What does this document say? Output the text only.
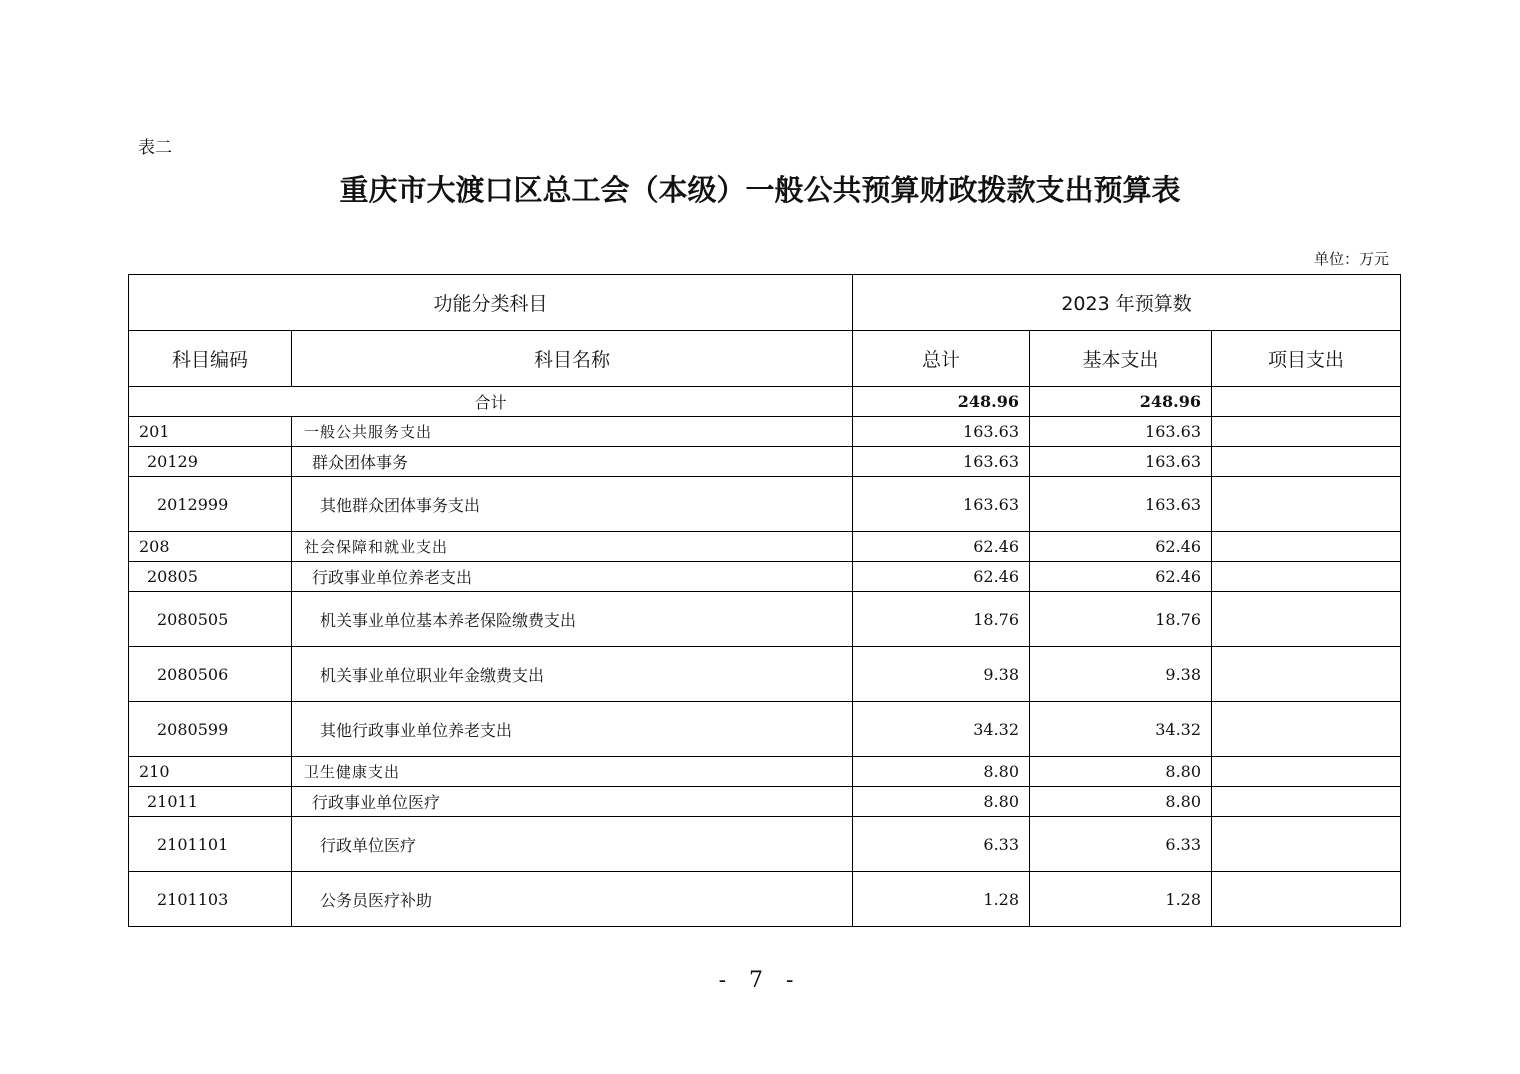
表二
重庆市大渡口区总工会（本级）一般公共预算财政拨款支出预算表
单位：万元
功能分类科目		2023 年预算数		
科目编码	科目名称	总计	基本支出	项目支出
合计		248.96	248.96	
201	一般公共服务支出	163.63	163.63	
20129	群众团体事务	163.63	163.63	
2012999	其他群众团体事务支出	163.63	163.63	
208	社会保障和就业支出	62.46	62.46	
20805	行政事业单位养老支出	62.46	62.46	
2080505	机关事业单位基本养老保险缴费支出	18.76	18.76	
2080506	机关事业单位职业年金缴费支出	9.38	9.38	
2080599	其他行政事业单位养老支出	34.32	34.32	
210	卫生健康支出	8.80	8.80	
21011	行政事业单位医疗	8.80	8.80	
2101101	行政单位医疗	6.33	6.33	
2101103	公务员医疗补助	1.28	1.28	
- 7 -
